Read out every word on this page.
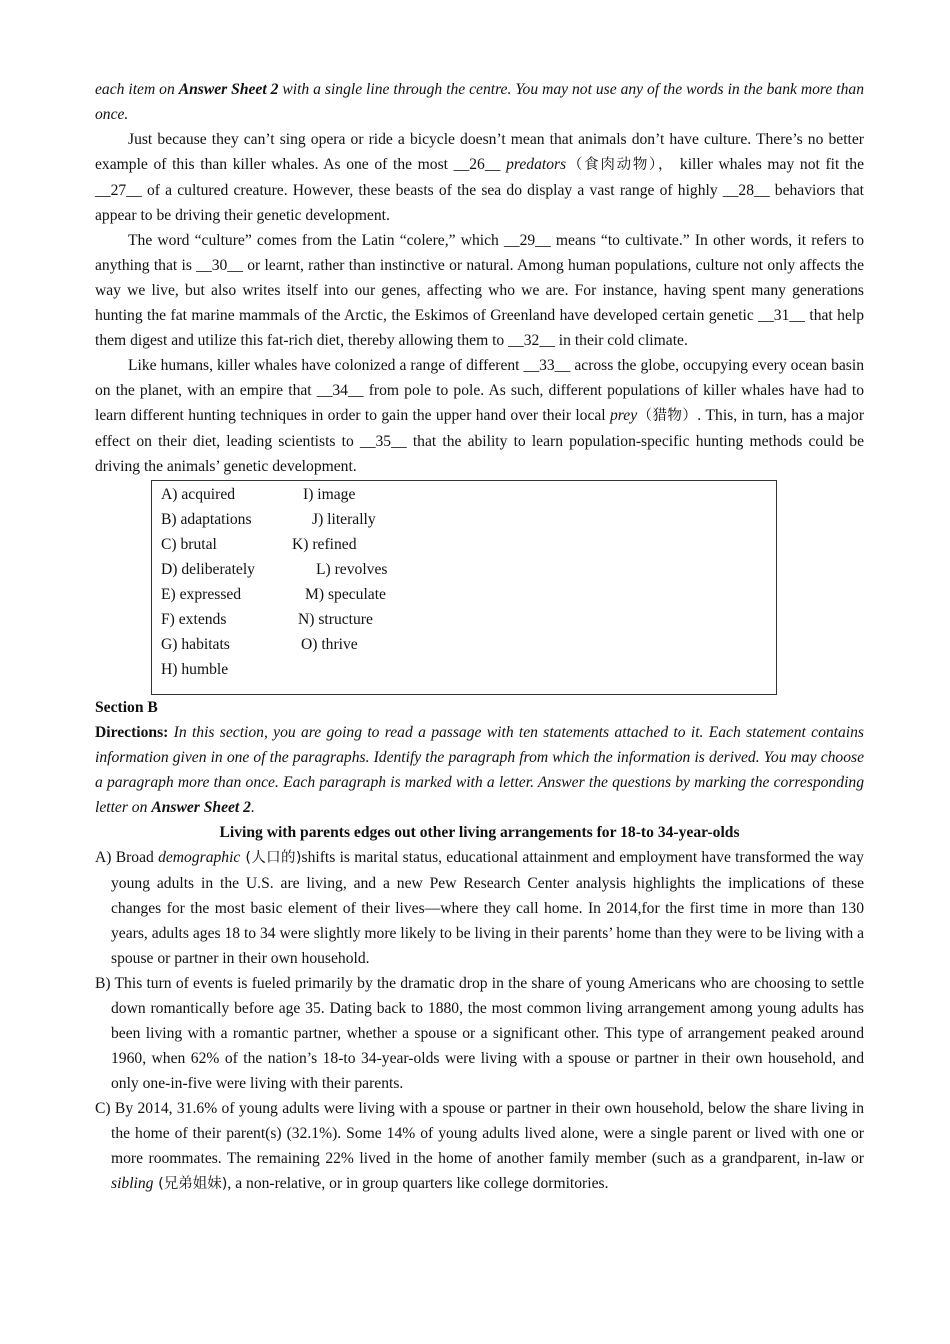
each item on Answer Sheet 2 with a single line through the centre. You may not use any of the words in the bank more than once.

Just because they can’t sing opera or ride a bicycle doesn’t mean that animals don’t have culture. There’s no better example of this than killer whales. As one of the most __26__ predators（食肉动物）， killer whales may not fit the __27__ of a cultured creature. However, these beasts of the sea do display a vast range of highly __28__ behaviors that appear to be driving their genetic development.

The word “culture” comes from the Latin “colere,” which __29__ means “to cultivate.” In other words, it refers to anything that is __30__ or learnt, rather than instinctive or natural. Among human populations, culture not only affects the way we live, but also writes itself into our genes, affecting who we are. For instance, having spent many generations hunting the fat marine mammals of the Arctic, the Eskimos of Greenland have developed certain genetic __31__ that help them digest and utilize this fat-rich diet, thereby allowing them to __32__ in their cold climate.

Like humans, killer whales have colonized a range of different __33__ across the globe, occupying every ocean basin on the planet, with an empire that __34__ from pole to pole. As such, different populations of killer whales have had to learn different hunting techniques in order to gain the upper hand over their local prey（猎物）. This, in turn, has a major effect on their diet, leading scientists to __35__ that the ability to learn population-specific hunting methods could be driving the animals’ genetic development.

A) acquired	I) image
B) adaptations	J) literally
C) brutal	K) refined
D) deliberately	L) revolves
E) expressed	M) speculate
F) extends	N) structure
G) habitats	O) thrive
H) humble

Section B

Directions: In this section, you are going to read a passage with ten statements attached to it. Each statement contains information given in one of the paragraphs. Identify the paragraph from which the information is derived. You may choose a paragraph more than once. Each paragraph is marked with a letter. Answer the questions by marking the corresponding letter on Answer Sheet 2.

Living with parents edges out other living arrangements for 18-to 34-year-olds

A) Broad demographic (人口的)shifts is marital status, educational attainment and employment have transformed the way young adults in the U.S. are living, and a new Pew Research Center analysis highlights the implications of these changes for the most basic element of their lives—where they call home. In 2014,for the first time in more than 130 years, adults ages 18 to 34 were slightly more likely to be living in their parents’ home than they were to be living with a spouse or partner in their own household.

B) This turn of events is fueled primarily by the dramatic drop in the share of young Americans who are choosing to settle down romantically before age 35. Dating back to 1880, the most common living arrangement among young adults has been living with a romantic partner, whether a spouse or a significant other. This type of arrangement peaked around 1960, when 62% of the nation’s 18-to 34-year-olds were living with a spouse or partner in their own household, and only one-in-five were living with their parents.

C) By 2014, 31.6% of young adults were living with a spouse or partner in their own household, below the share living in the home of their parent(s) (32.1%). Some 14% of young adults lived alone, were a single parent or lived with one or more roommates. The remaining 22% lived in the home of another family member (such as a grandparent, in-law or sibling (兄弟姐妹), a non-relative, or in group quarters like college dormitories.
